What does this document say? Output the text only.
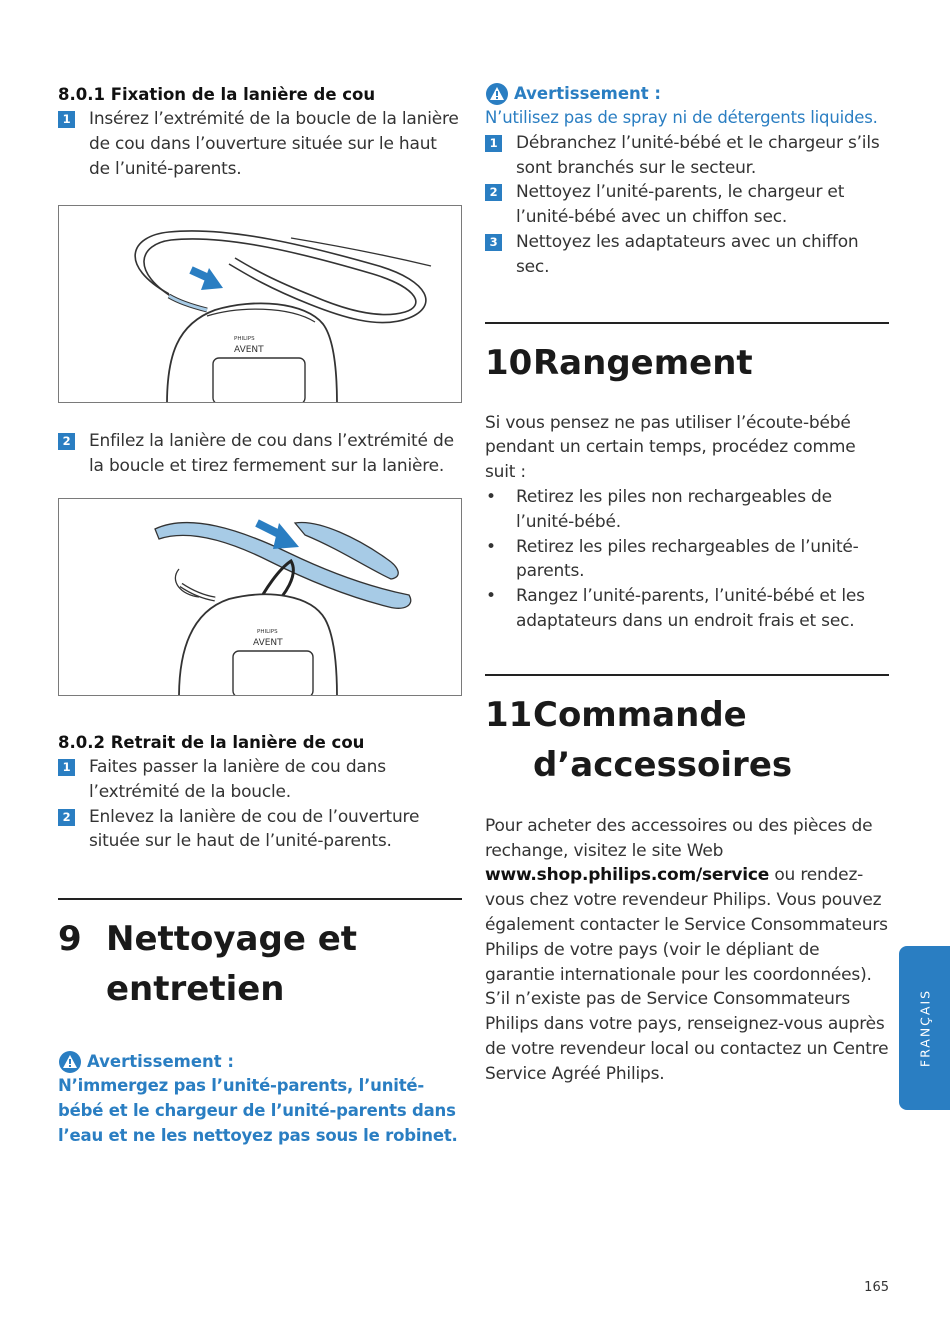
8.0.1 Fixation de la lanière de cou
1 Insérez l’extrémité de la boucle de la lanière de cou dans l’ouverture située sur le haut de l’unité-parents.
PHILIPS
AVENT
2 Enfilez la lanière de cou dans l’extrémité de la boucle et tirez fermement sur la lanière.
PHILIPS
AVENT
8.0.2 Retrait de la lanière de cou
1 Faites passer la lanière de cou dans l’extrémité de la boucle.
2 Enlevez la lanière de cou de l’ouverture située sur le haut de l’unité-parents.
9 Nettoyage et entretien
Avertissement :
N’immergez pas l’unité-parents, l’unité-bébé et le chargeur de l’unité-parents dans l’eau et ne les nettoyez pas sous le robinet.
Avertissement :
N’utilisez pas de spray ni de détergents liquides.
1 Débranchez l’unité-bébé et le chargeur s’ils sont branchés sur le secteur.
2 Nettoyez l’unité-parents, le chargeur et l’unité-bébé avec un chiffon sec.
3 Nettoyez les adaptateurs avec un chiffon sec.
10 Rangement
Si vous pensez ne pas utiliser l’écoute-bébé pendant un certain temps, procédez comme suit :
• Retirez les piles non rechargeables de l’unité-bébé.
• Retirez les piles rechargeables de l’unité-parents.
• Rangez l’unité-parents, l’unité-bébé et les adaptateurs dans un endroit frais et sec.
11 Commande d’accessoires
Pour acheter des accessoires ou des pièces de rechange, visitez le site Web www.shop.philips.com/service ou rendez-vous chez votre revendeur Philips. Vous pouvez également contacter le Service Consommateurs Philips de votre pays (voir le dépliant de garantie internationale pour les coordonnées). S’il n’existe pas de Service Consommateurs Philips dans votre pays, renseignez-vous auprès de votre revendeur local ou contactez un Centre Service Agréé Philips.
FRANÇAIS
165
